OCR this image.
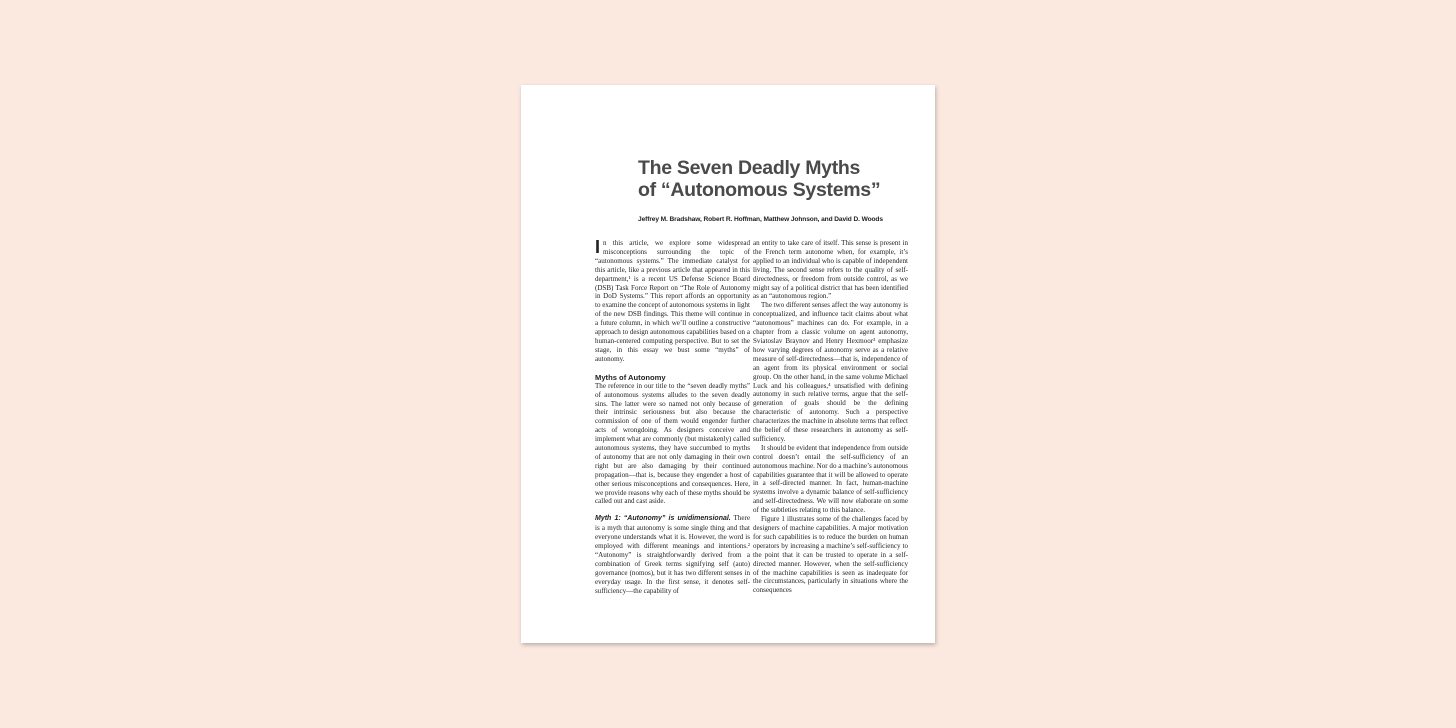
The Seven Deadly Myths
of “Autonomous Systems”
Jeffrey M. Bradshaw, Robert R. Hoffman, Matthew Johnson, and David D. Woods

In this article, we explore some widespread misconceptions surrounding the topic of “autonomous systems.” The immediate catalyst for this article, like a previous article that appeared in this department,¹ is a recent US Defense Science Board (DSB) Task Force Report on “The Role of Autonomy in DoD Systems.” This report affords an opportunity to examine the concept of autonomous systems in light of the new DSB findings. This theme will continue in a future column, in which we’ll outline a constructive approach to design autonomous capabilities based on a human-centered computing perspective. But to set the stage, in this essay we bust some “myths” of autonomy.

Myths of Autonomy

The reference in our title to the “seven deadly myths” of autonomous systems alludes to the seven deadly sins. The latter were so named not only because of their intrinsic seriousness but also because the commission of one of them would engender further acts of wrongdoing. As designers conceive and implement what are commonly (but mistakenly) called autonomous systems, they have succumbed to myths of autonomy that are not only damaging in their own right but are also damaging by their continued propagation—that is, because they engender a host of other serious misconceptions and consequences. Here, we provide reasons why each of these myths should be called out and cast aside.

Myth 1: “Autonomy” is unidimensional. There is a myth that autonomy is some single thing and that everyone understands what it is. However, the word is employed with different meanings and intentions.² “Autonomy” is straightforwardly derived from a combination of Greek terms signifying self (auto) governance (nomos), but it has two different senses in everyday usage. In the first sense, it denotes self-sufficiency—the capability of

an entity to take care of itself. This sense is present in the French term autonome when, for example, it’s applied to an individual who is capable of independent living. The second sense refers to the quality of self-directedness, or freedom from outside control, as we might say of a political district that has been identified as an “autonomous region.”

The two different senses affect the way autonomy is conceptualized, and influence tacit claims about what “autonomous” machines can do. For example, in a chapter from a classic volume on agent autonomy, Sviatoslav Braynov and Henry Hexmoor³ emphasize how varying degrees of autonomy serve as a relative measure of self-directedness—that is, independence of an agent from its physical environment or social group. On the other hand, in the same volume Michael Luck and his colleagues,⁴ unsatisfied with defining autonomy in such relative terms, argue that the self-generation of goals should be the defining characteristic of autonomy. Such a perspective characterizes the machine in absolute terms that reflect the belief of these researchers in autonomy as self-sufficiency.

It should be evident that independence from outside control doesn’t entail the self-sufficiency of an autonomous machine. Nor do a machine’s autonomous capabilities guarantee that it will be allowed to operate in a self-directed manner. In fact, human-machine systems involve a dynamic balance of self-sufficiency and self-directedness. We will now elaborate on some of the subtleties relating to this balance.

Figure 1 illustrates some of the challenges faced by designers of machine capabilities. A major motivation for such capabilities is to reduce the burden on human operators by increasing a machine’s self-sufficiency to the point that it can be trusted to operate in a self-directed manner. However, when the self-sufficiency of the machine capabilities is seen as inadequate for the circumstances, particularly in situations where the consequences
